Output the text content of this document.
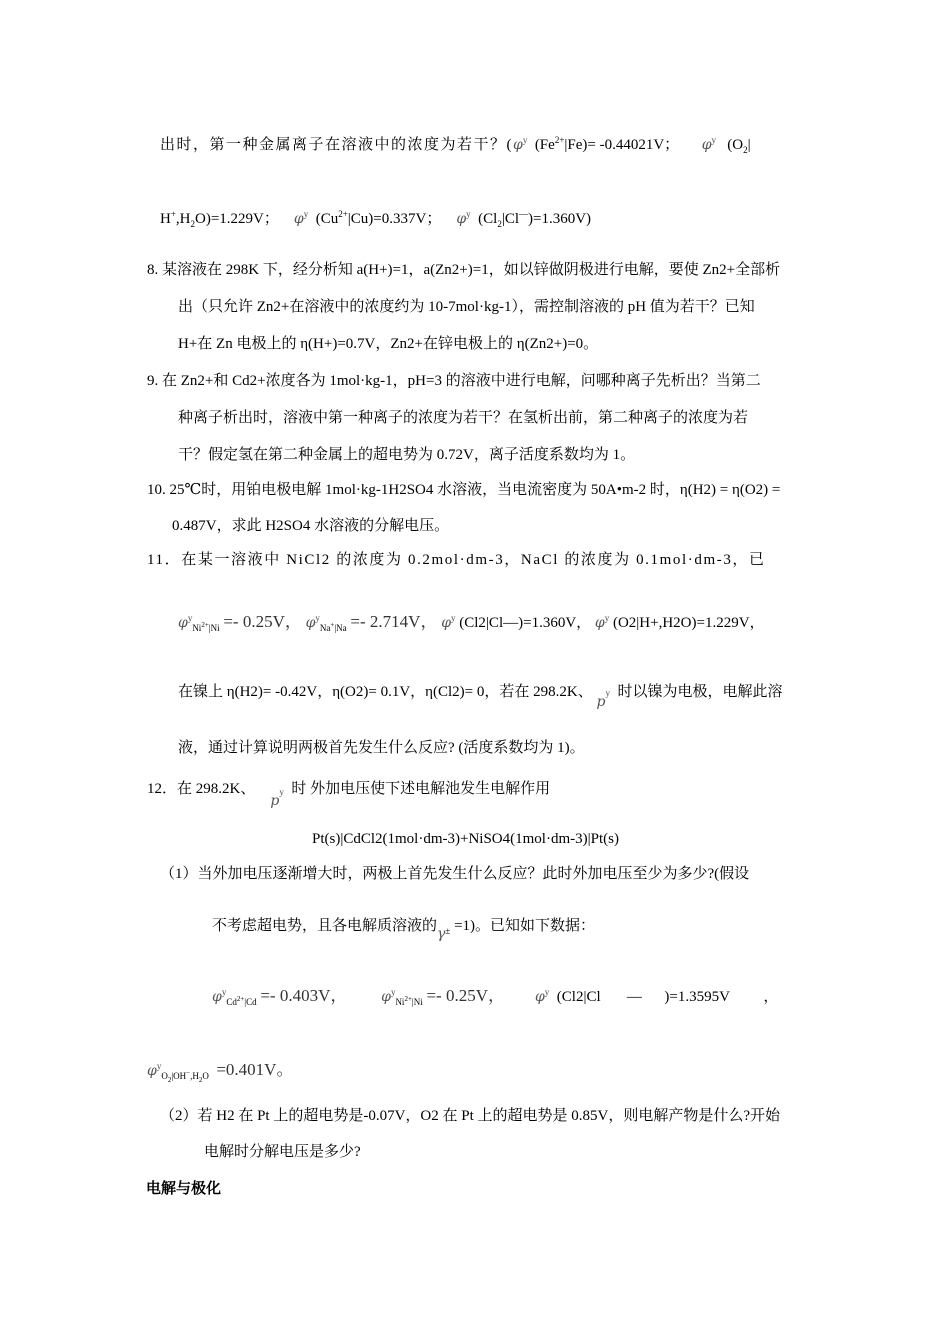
出时，第一种金属离子在溶液中的浓度为若干？($\varphi^y$ $(Fe^{2+}|Fe)= -0.44021V$； $\varphi^y$ ($O_2|$
$H^+,H_2O)=1.229V$； $\varphi^y$ $(Cu^{2+}|Cu)=0.337V$； $\varphi^y$ $(Cl_2|Cl^—)=1.360V$)
8. 某溶液在 298K 下，经分析知 a(H+)=1，a(Zn2+)=1，如以锌做阴极进行电解，要使 Zn2+全部析
出（只允许 Zn2+在溶液中的浓度约为 10-7mol·kg-1），需控制溶液的 pH 值为若干？已知
H+在 Zn 电极上的 η(H+)=0.7V，Zn2+在锌电极上的 η(Zn2+)=0。
9. 在 Zn2+和 Cd2+浓度各为 1mol·kg-1，pH=3 的溶液中进行电解，问哪种离子先析出？当第二
种离子析出时，溶液中第一种离子的浓度为若干？在氢析出前，第二种离子的浓度为若
干？假定氢在第二种金属上的超电势为 0.72V，离子活度系数均为 1。
10. 25℃时，用铂电极电解 1mol·kg-1H2SO4 水溶液，当电流密度为 50A•m-2 时，η(H2) = η(O2) =
0.487V，求此 H2SO4 水溶液的分解电压。
11．在某一溶液中 NiCl2 的浓度为 0.2mol·dm-3，NaCl 的浓度为 0.1mol·dm-3，已
$\varphi^y_{Ni^{2+}|Ni} =- 0.25V$， $\varphi^y_{Na^+|Na} =- 2.714V$， $\varphi^y$ (Cl2|Cl—)=1.360V， $\varphi^y$ (O2|H+,H2O)=1.229V，
在镍上 η(H2)= -0.42V，η(O2)= 0.1V，η(Cl2)= 0，若在 298.2K、 $p^y$ 时以镍为电极，电解此溶
液，通过计算说明两极首先发生什么反应? (活度系数均为 1)。
12．在 298.2K、    $p^y$ 时 外加电压使下述电解池发生电解作用
Pt(s)|CdCl2(1mol·dm-3)+NiSO4(1mol·dm-3)|Pt(s)
（1）当外加电压逐渐增大时，两极上首先发生什么反应？此时外加电压至少为多少?(假设
不考虑超电势，且各电解质溶液的$\gamma_\pm =1$)。已知如下数据：
$\varphi^y_{Cd^{2+}|Cd} =- 0.403V$， $\varphi^y_{Ni^{2+}|Ni} =- 0.25V$， $\varphi^y$ (Cl2|Cl — )=1.3595V ，
$\varphi^y_{O_2|OH^-,H_2O} =0.401V$。
（2）若 H2 在 Pt 上的超电势是-0.07V，O2 在 Pt 上的超电势是 0.85V，则电解产物是什么?开始
电解时分解电压是多少?
电解与极化
